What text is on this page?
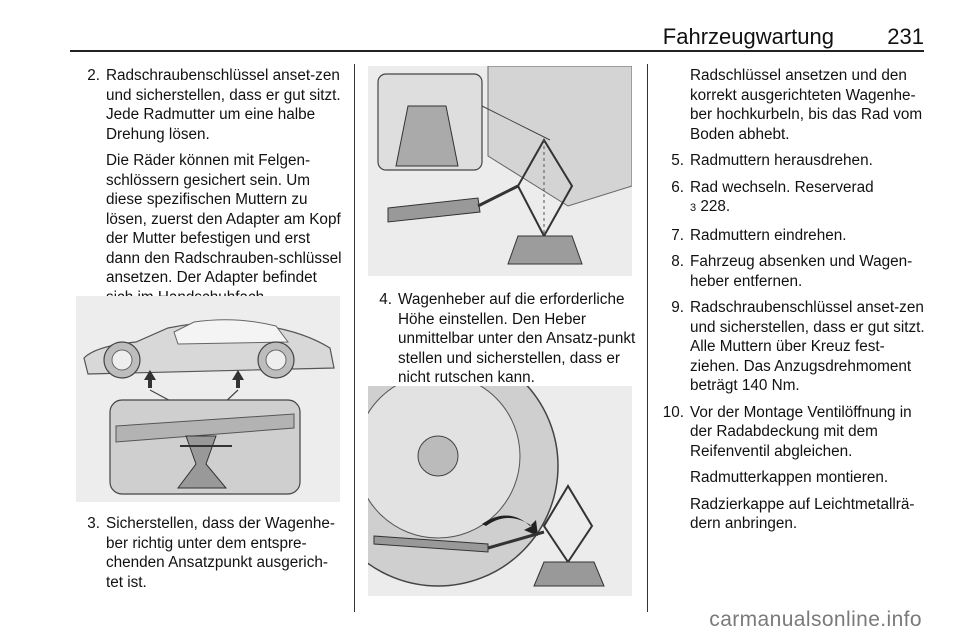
Fahrzeugwartung 231
2. Radschraubenschlüssel anset-zen und sicherstellen, dass er gut sitzt. Jede Radmutter um eine halbe Drehung lösen.

Die Räder können mit Felgen-schlössern gesichert sein. Um diese spezifischen Muttern zu lösen, zuerst den Adapter am Kopf der Mutter befestigen und erst dann den Radschrauben-schlüssel ansetzen. Der Adapter befindet

3. Sicherstellen, dass der Wagenhe-ber richtig unter dem entspre-chenden Ansatzpunkt ausgerich-tet ist.

4. Wagenheber auf die erforderliche Höhe einstellen. Den Heber unmittelbar unter den Ansatz-punkt stellen und sicherstellen, dass er nicht rutschen kann.

Radschlüssel ansetzen und den korrekt ausgerichteten Wagenhe-ber hochkurbeln, bis das Rad vom Boden abhebt.

5. Radmuttern herausdrehen.

6. Rad wechseln. Reserverad
3 228.

7. Radmuttern eindrehen.

8. Fahrzeug absenken und Wagen-heber entfernen.

9. Radschraubenschlüssel anset-zen und sicherstellen, dass er gut sitzt. Alle Muttern über Kreuz fest-ziehen. Das Anzugsdrehmoment beträgt 140 Nm.

10. Vor der Montage Ventilöffnung in der Radabdeckung mit dem Reifenventil abgleichen.

Radmutterkappen montieren.

Radzierkappe auf Leichtmetallrä-dern anbringen.

carmanualsonline.info
